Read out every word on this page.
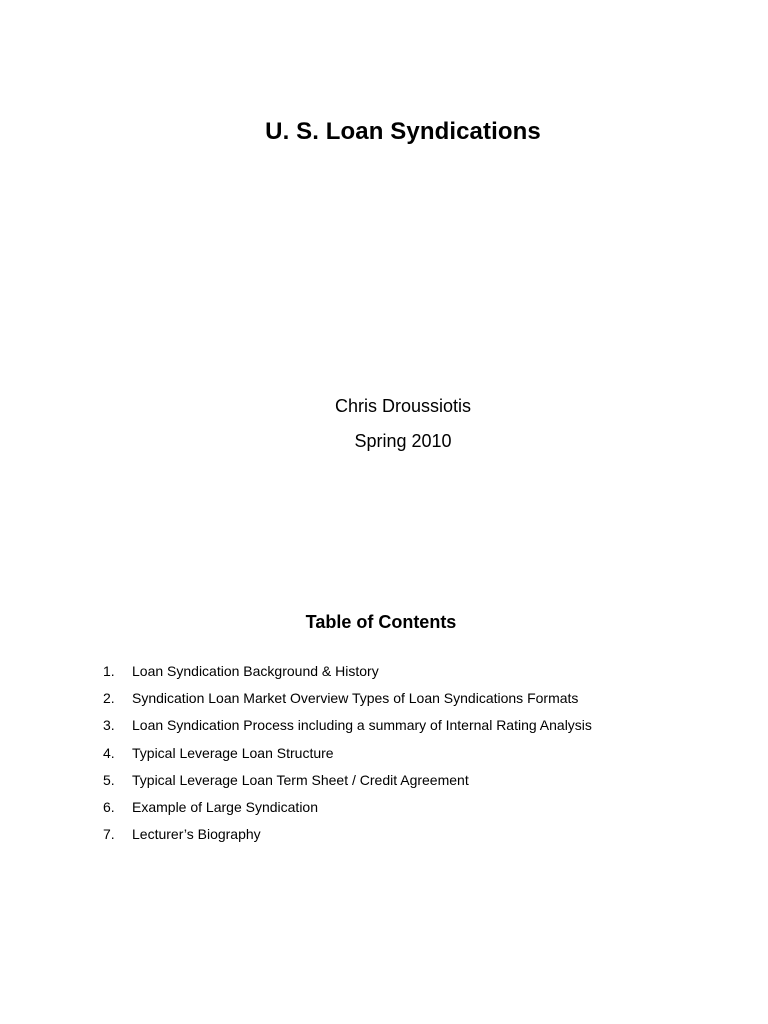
U. S. Loan Syndications
Chris Droussiotis
Spring 2010
Table of Contents
1. Loan Syndication Background & History
2. Syndication Loan Market Overview Types of Loan Syndications Formats
3. Loan Syndication Process including a summary of Internal Rating Analysis
4. Typical Leverage Loan Structure
5. Typical Leverage Loan Term Sheet / Credit Agreement
6. Example of Large Syndication
7. Lecturer’s Biography
